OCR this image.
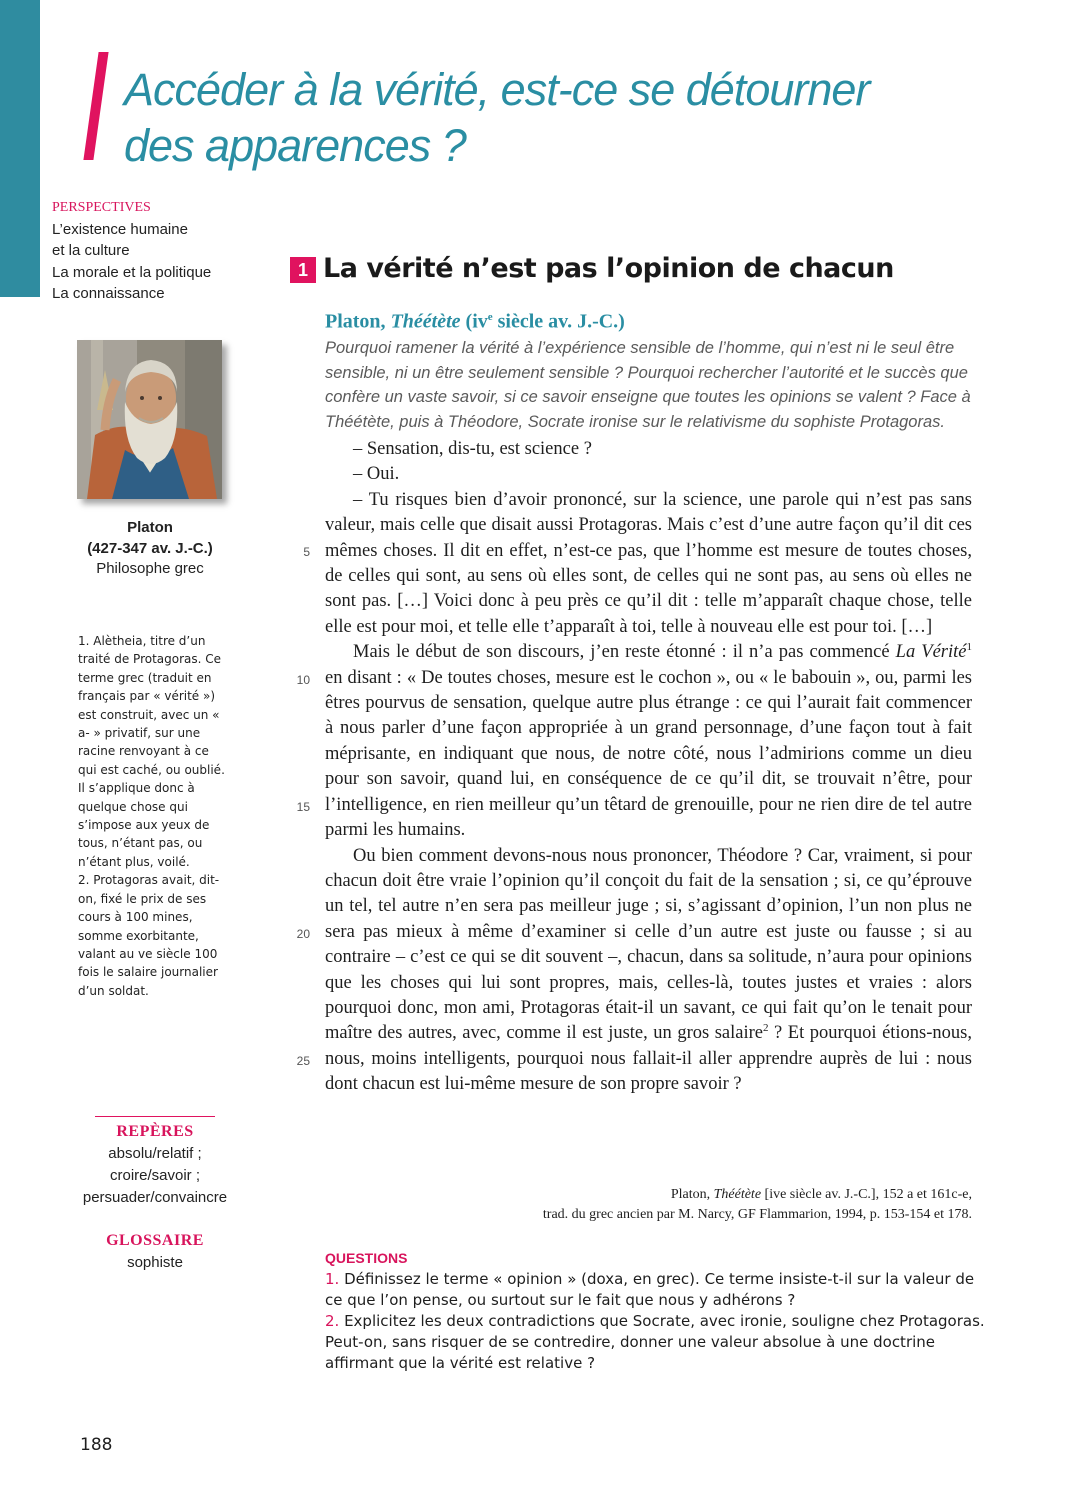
Accéder à la vérité, est-ce se détourner
des apparences ?
PERSPECTIVES
L’existence humaine
et la culture
La morale et la politique
La connaissance
Platon
(427-347 av. J.-C.)
Philosophe grec

1. Alètheia, titre d’un traité de Protagoras. Ce terme grec (traduit en français par « vérité ») est construit, avec un « a- » privatif, sur une racine renvoyant à ce qui est caché, ou oublié. Il s’applique donc à quelque chose qui s’impose aux yeux de tous, n’étant pas, ou n’étant plus, voilé.

2. Protagoras avait, dit-on, fixé le prix de ses cours à 100 mines, somme exorbitante, valant au ve siècle 100 fois le salaire journalier d’un soldat.

REPÈRES
absolu/relatif ;
croire/savoir ;
persuader/convaincre
GLOSSAIRE
sophiste
1 La vérité n’est pas l’opinion de chacun
Platon, Théétète ($iv^e$ siècle av. J.-C.)

Pourquoi ramener la vérité à l’expérience sensible de l’homme, qui n’est ni le seul être sensible, ni un être seulement sensible ? Pourquoi rechercher l’autorité et le succès que confère un vaste savoir, si ce savoir enseigne que toutes les opinions se valent ? Face à Théétète, puis à Théodore, Socrate ironise sur le relativisme du sophiste Protagoras.

5
10
15
20
25

– Sensation, dis-tu, est science ?

– Oui.

– Tu risques bien d’avoir prononcé, sur la science, une parole qui n’est pas sans valeur, mais celle que disait aussi Protagoras. Mais c’est d’une autre façon qu’il dit ces mêmes choses. Il dit en effet, n’est-ce pas, que l’homme est mesure de toutes choses, de celles qui sont, au sens où elles sont, de celles qui ne sont pas, au sens où elles ne sont pas. […] Voici donc à peu près ce qu’il dit : telle m’apparaît chaque chose, telle elle est pour moi, et telle elle t’apparaît à toi, telle à nouveau elle est pour toi. […]

Mais le début de son discours, j’en reste étonné : il n’a pas commencé La Vérité$^1$ en disant : « De toutes choses, mesure est le cochon », ou « le babouin », ou, parmi les êtres pourvus de sensation, quelque autre plus étrange : ce qui l’aurait fait commencer à nous parler d’une façon appropriée à un grand personnage, d’une façon tout à fait méprisante, en indiquant que nous, de notre côté, nous l’admirions comme un dieu pour son savoir, quand lui, en conséquence de ce qu’il dit, se trouvait n’être, pour l’intelligence, en rien meilleur qu’un têtard de grenouille, pour ne rien dire de tel autre parmi les humains.

Ou bien comment devons-nous nous prononcer, Théodore ? Car, vraiment, si pour chacun doit être vraie l’opinion qu’il conçoit du fait de la sensation ; si, ce qu’éprouve un tel, tel autre n’en sera pas meilleur juge ; si, s’agissant d’opinion, l’un non plus ne sera pas mieux à même d’examiner si celle d’un autre est juste ou fausse ; si au contraire – c’est ce qui se dit souvent –, chacun, dans sa solitude, n’aura pour opinions que les choses qui lui sont propres, mais, celles-là, toutes justes et vraies : alors pourquoi donc, mon ami, Protagoras était-il un savant, ce qui fait qu’on le tenait pour maître des autres, avec, comme il est juste, un gros salaire$^2$ ? Et pourquoi étions-nous, nous, moins intelligents, pourquoi nous fallait-il aller apprendre auprès de lui : nous dont chacun est lui-même mesure de son propre savoir ?

Platon, Théétète [ive siècle av. J.-C.], 152 a et 161c-e,
trad. du grec ancien par M. Narcy, GF Flammarion, 1994, p. 153-154 et 178.
QUESTIONS

1. Définissez le terme « opinion » (doxa, en grec). Ce terme insiste-t-il sur la valeur de ce que l’on pense, ou surtout sur le fait que nous y adhérons ?

2. Explicitez les deux contradictions que Socrate, avec ironie, souligne chez Protagoras. Peut-on, sans risquer de se contredire, donner une valeur absolue à une doctrine affirmant que la vérité est relative ?

188
